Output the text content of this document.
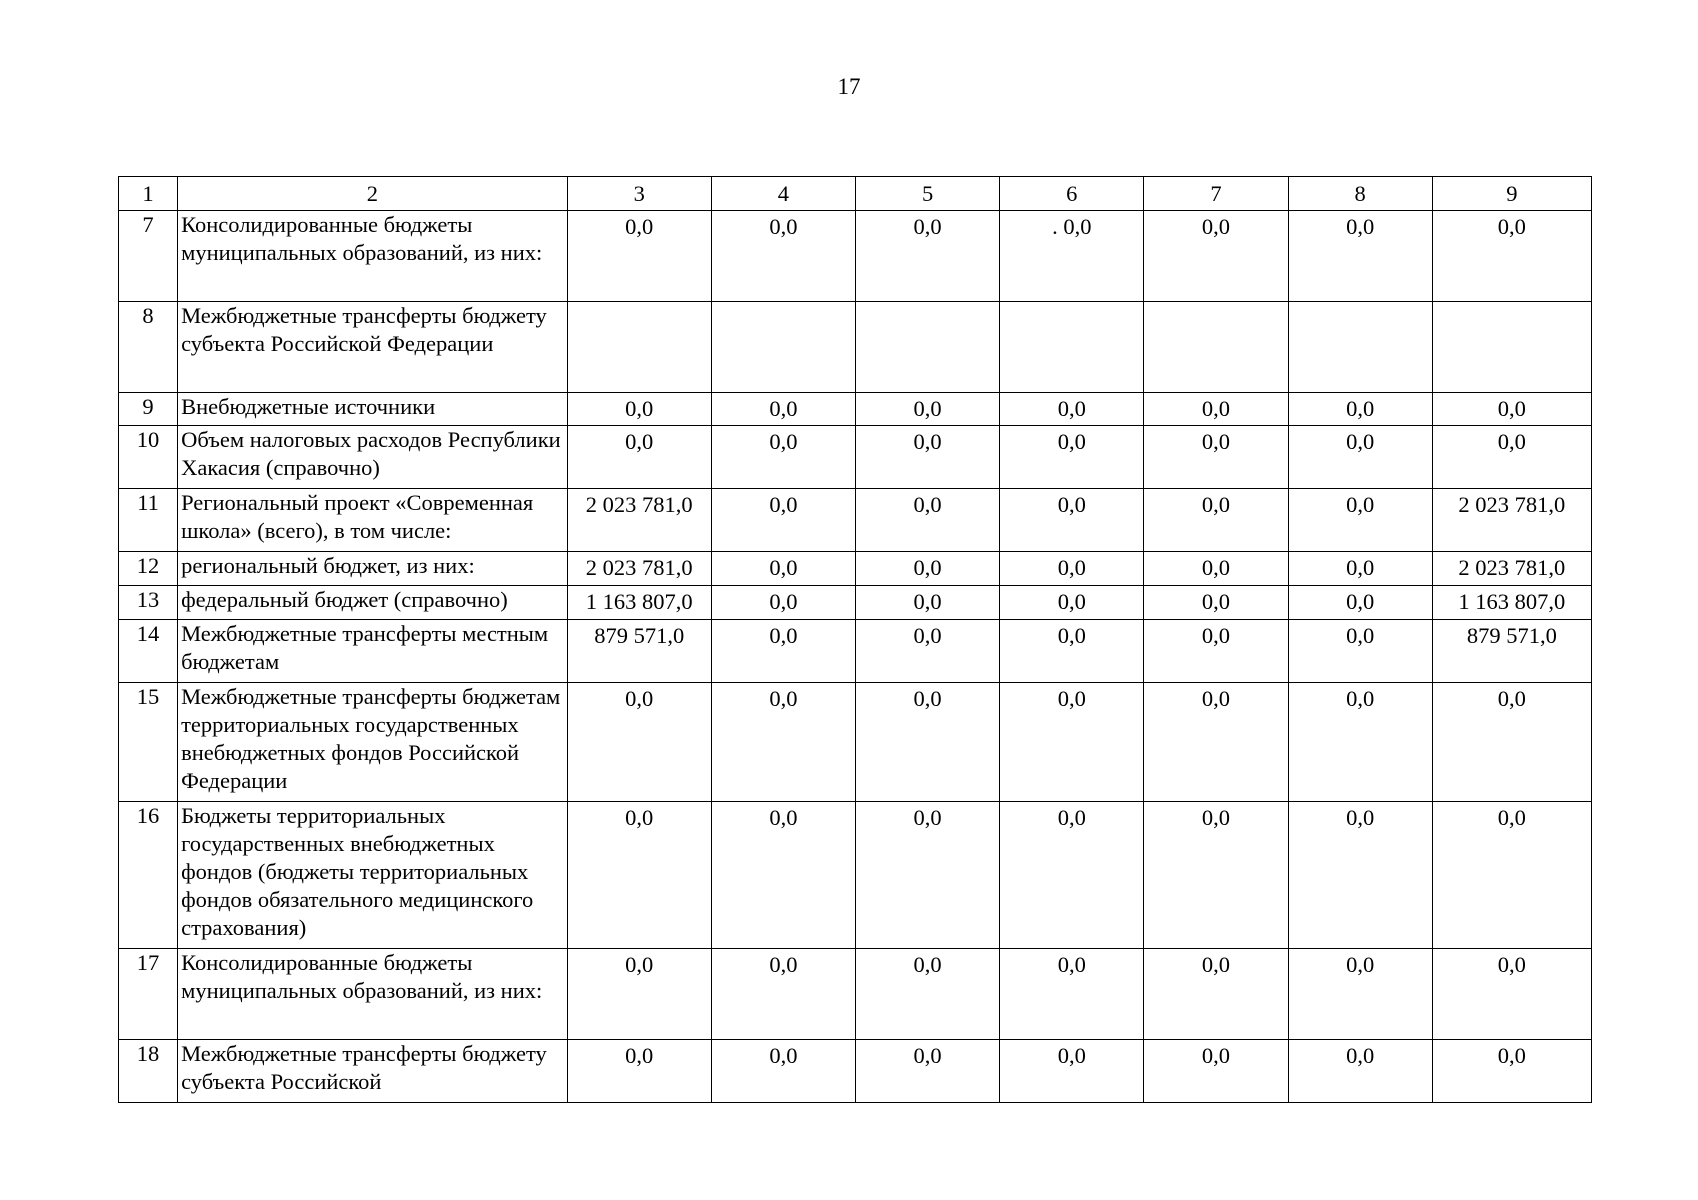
17
1	2	3	4	5	6	7	8	9
7	Консолидированные бюджеты муниципальных образований, из них:	0,0	0,0	0,0	. 0,0	0,0	0,0	0,0
8	Межбюджетные трансферты бюджету субъекта Российской Федерации							
9	Внебюджетные источники	0,0	0,0	0,0	0,0	0,0	0,0	0,0
10	Объем налоговых расходов Республики Хакасия (справочно)	0,0	0,0	0,0	0,0	0,0	0,0	0,0
11	Региональный проект «Современная школа» (всего), в том числе:	2 023 781,0	0,0	0,0	0,0	0,0	0,0	2 023 781,0
12	региональный бюджет, из них:	2 023 781,0	0,0	0,0	0,0	0,0	0,0	2 023 781,0
13	федеральный бюджет (справочно)	1 163 807,0	0,0	0,0	0,0	0,0	0,0	1 163 807,0
14	Межбюджетные трансферты местным бюджетам	879 571,0	0,0	0,0	0,0	0,0	0,0	879 571,0
15	Межбюджетные трансферты бюджетам территориальных государственных внебюджетных фондов Российской Федерации	0,0	0,0	0,0	0,0	0,0	0,0	0,0
16	Бюджеты территориальных государственных внебюджетных фондов (бюджеты территориальных фондов обязательного медицинского страхования)	0,0	0,0	0,0	0,0	0,0	0,0	0,0
17	Консолидированные бюджеты муниципальных образований, из них:	0,0	0,0	0,0	0,0	0,0	0,0	0,0
18	Межбюджетные трансферты бюджету субъекта Российской	0,0	0,0	0,0	0,0	0,0	0,0	0,0
